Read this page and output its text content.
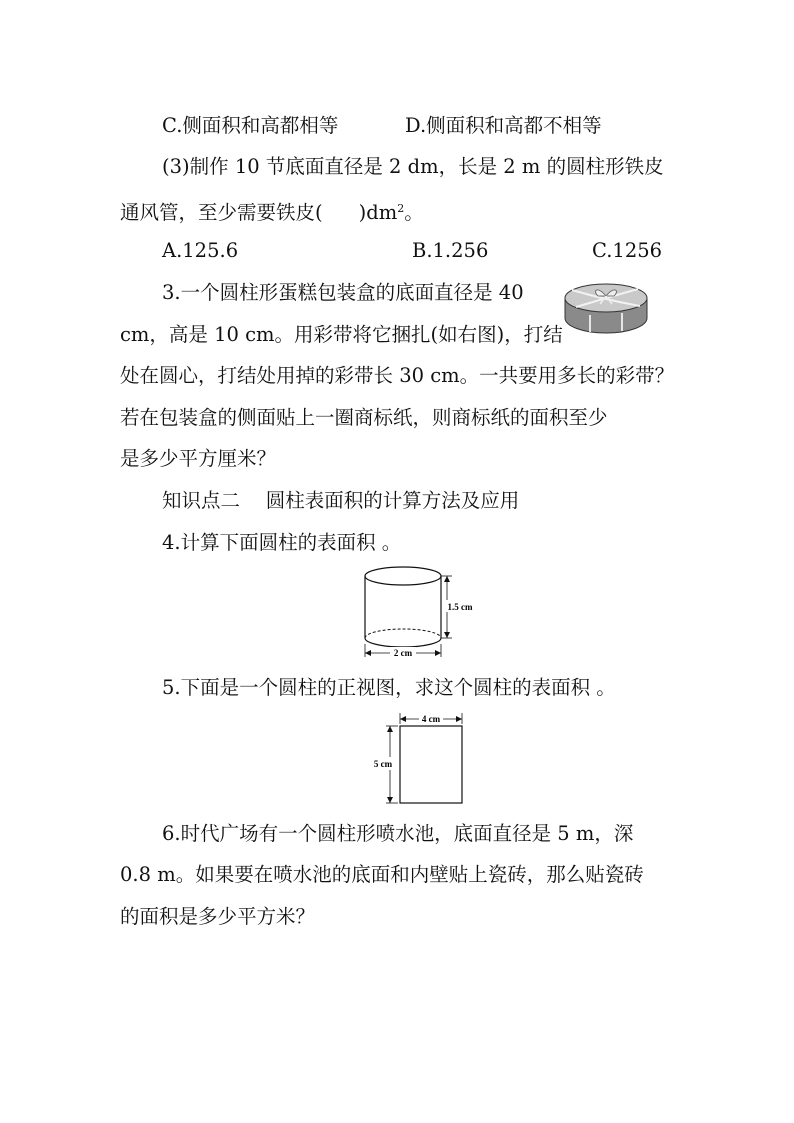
C.侧面积和高都相等	D.侧面积和高都不相等
(3)制作 10 节底面直径是 2 dm，长是 2 m 的圆柱形铁皮
通风管，至少需要铁皮( )$dm^2$。
A.125.6	B.1.256	C.1256
3.一个圆柱形蛋糕包装盒的底面直径是 40
cm，高是 10 cm。用彩带将它捆扎(如右图)，打结
处在圆心，打结处用掉的彩带长 30 cm。一共要用多长的彩带？
若在包装盒的侧面贴上一圈商标纸，则商标纸的面积至少
是多少平方厘米？
知识点二　 圆柱表面积的计算方法及应用
4.计算下面圆柱的表面积 。
2 cm
1.5 cm
5.下面是一个圆柱的正视图，求这个圆柱的表面积 。
4 cm
5 cm
6.时代广场有一个圆柱形喷水池，底面直径是 5 m，深
0.8 m。如果要在喷水池的底面和内壁贴上瓷砖，那么贴瓷砖
的面积是多少平方米？
